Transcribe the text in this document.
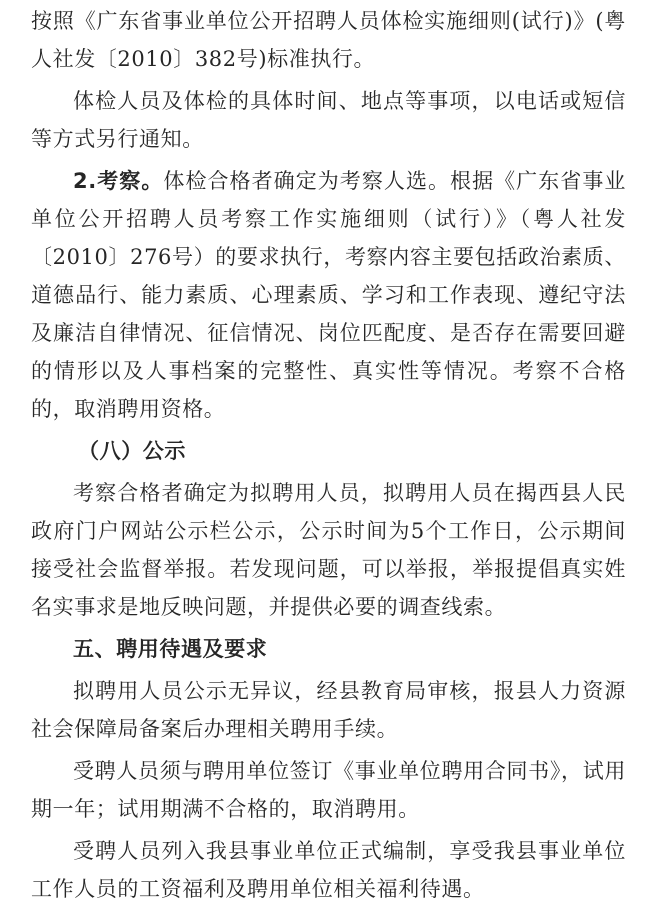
按照《广东省事业单位公开招聘人员体检实施细则(试行)》(粤人社发〔2010〕382号)标准执行。

体检人员及体检的具体时间、地点等事项，以电话或短信等方式另行通知。

2.考察。体检合格者确定为考察人选。根据《广东省事业单位公开招聘人员考察工作实施细则（试行）》（粤人社发〔2010〕276号）的要求执行，考察内容主要包括政治素质、道德品行、能力素质、心理素质、学习和工作表现、遵纪守法及廉洁自律情况、征信情况、岗位匹配度、是否存在需要回避的情形以及人事档案的完整性、真实性等情况。考察不合格的，取消聘用资格。

（八）公示

考察合格者确定为拟聘用人员，拟聘用人员在揭西县人民政府门户网站公示栏公示，公示时间为5个工作日，公示期间接受社会监督举报。若发现问题，可以举报，举报提倡真实姓名实事求是地反映问题，并提供必要的调查线索。

五、聘用待遇及要求

拟聘用人员公示无异议，经县教育局审核，报县人力资源社会保障局备案后办理相关聘用手续。

受聘人员须与聘用单位签订《事业单位聘用合同书》，试用期一年；试用期满不合格的，取消聘用。

受聘人员列入我县事业单位正式编制，享受我县事业单位工作人员的工资福利及聘用单位相关福利待遇。
